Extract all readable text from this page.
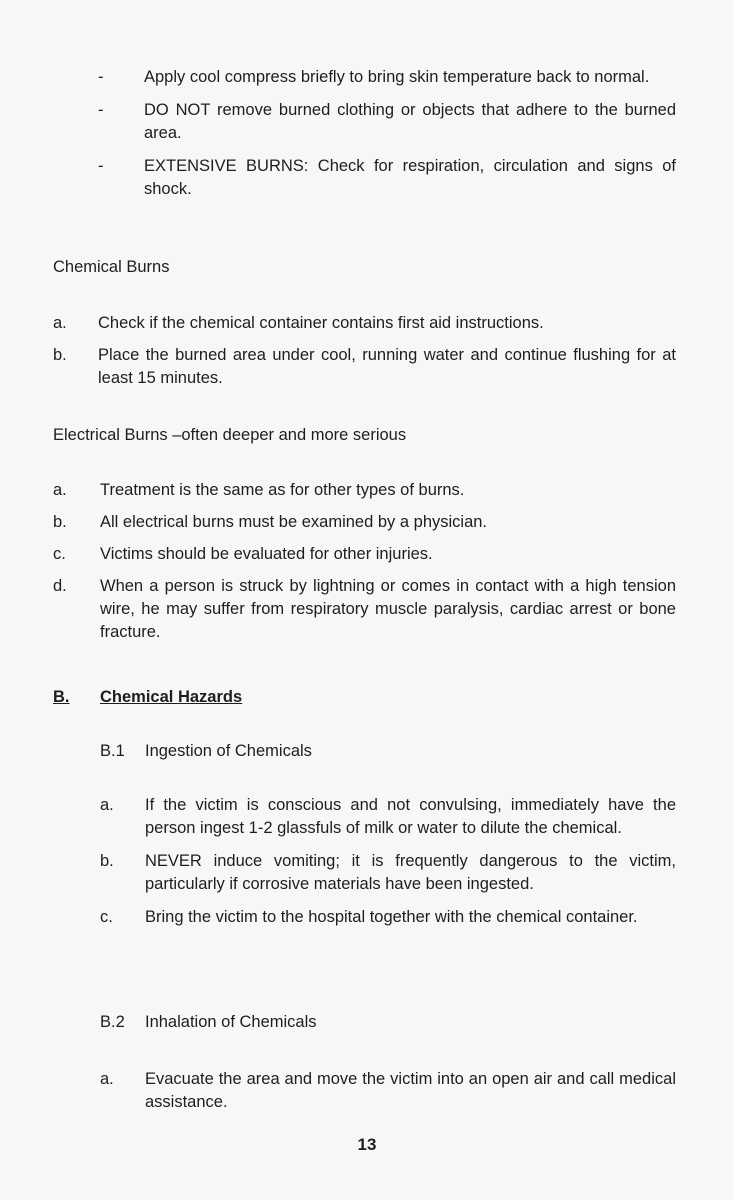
-	Apply cool compress briefly to bring skin temperature back to normal.
-	DO NOT remove burned clothing or objects that adhere to the burned area.
-	EXTENSIVE BURNS: Check for respiration, circulation and signs of shock.
Chemical Burns
a.	Check if the chemical container contains first aid instructions.
b.	Place the burned area under cool, running water and continue flushing for at least 15 minutes.
Electrical Burns –often deeper and more serious
a.	Treatment is the same as for other types of burns.
b.	All electrical burns must be examined by a physician.
c.	Victims should be evaluated for other injuries.
d.	When a person is struck by lightning or comes in contact with a high tension wire, he may suffer from respiratory muscle paralysis, cardiac arrest or bone fracture.
B.	Chemical Hazards
B.1	Ingestion of Chemicals
a.	If the victim is conscious and not convulsing, immediately have the person ingest 1-2 glassfuls of milk or water to dilute the chemical.
b.	NEVER induce vomiting; it is frequently dangerous to the victim, particularly if corrosive materials have been ingested.
c.	Bring the victim to the hospital together with the chemical container.
B.2	Inhalation of Chemicals
a.	Evacuate the area and move the victim into an open air and call medical assistance.
13
